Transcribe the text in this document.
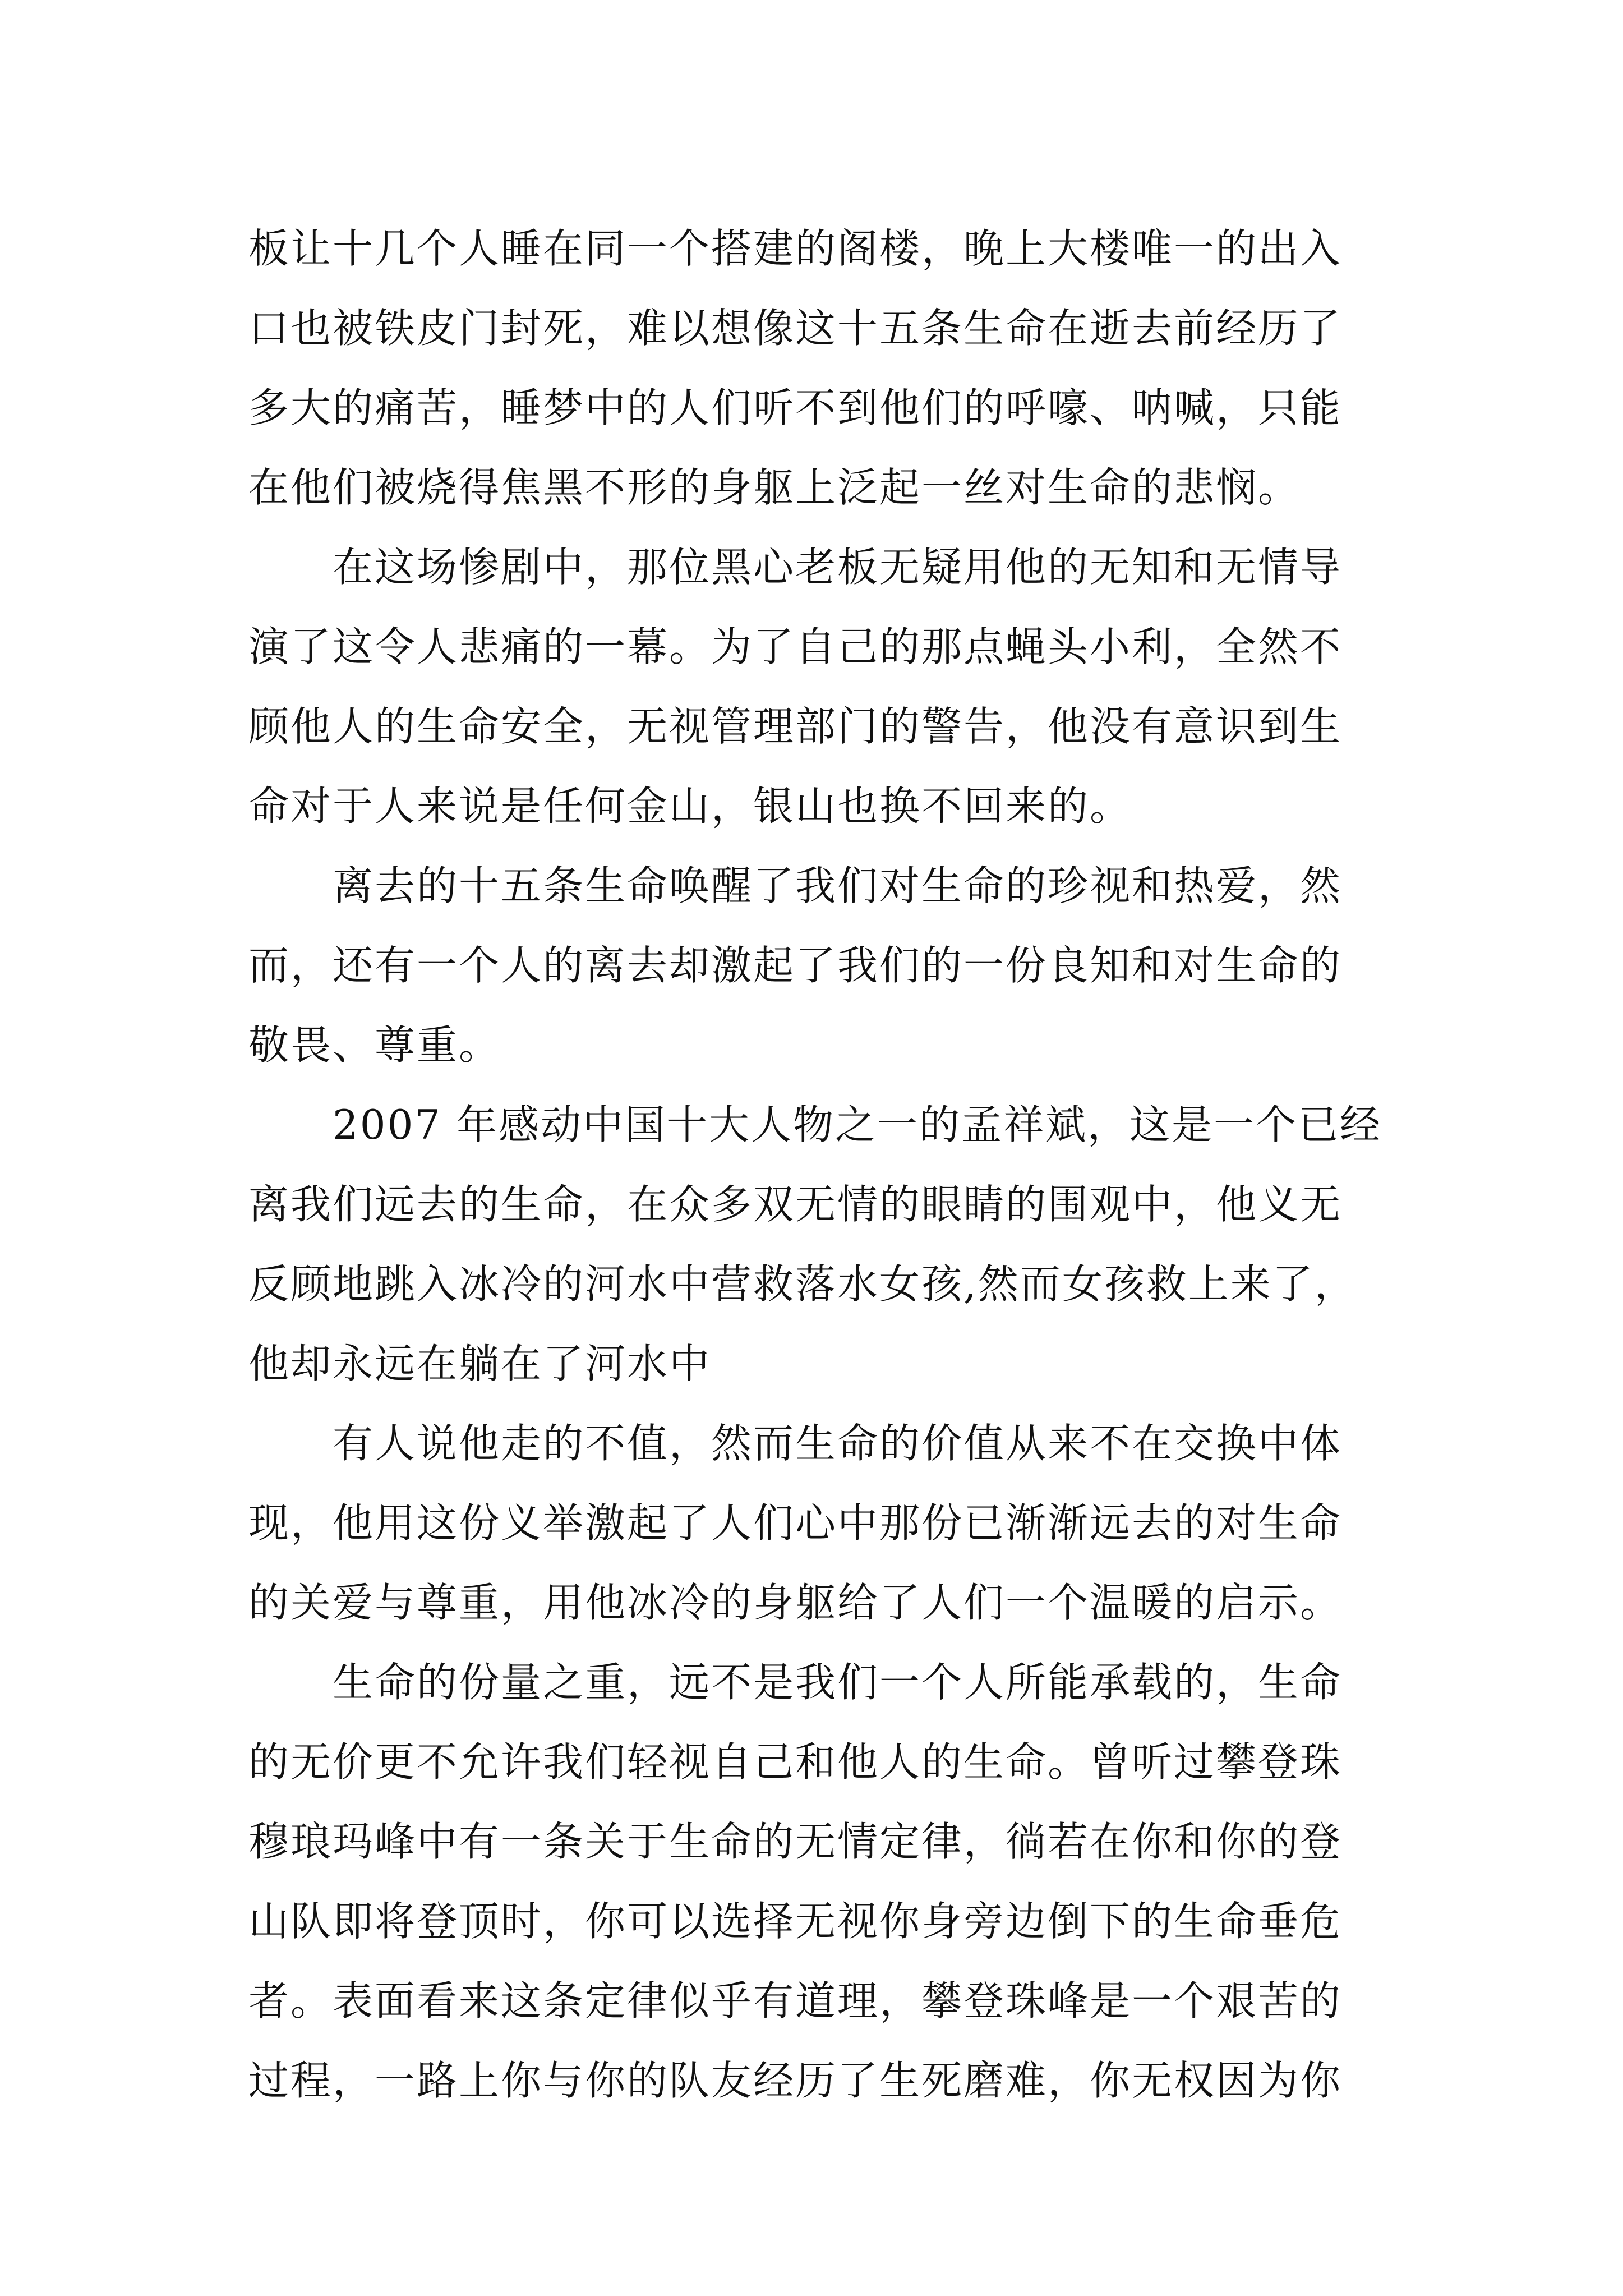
板让十几个人睡在同一个搭建的阁楼，晚上大楼唯一的出入
口也被铁皮门封死，难以想像这十五条生命在逝去前经历了
多大的痛苦，睡梦中的人们听不到他们的呼嚎、呐喊，只能
在他们被烧得焦黑不形的身躯上泛起一丝对生命的悲悯。
在这场惨剧中，那位黑心老板无疑用他的无知和无情导
演了这令人悲痛的一幕。为了自己的那点蝇头小利，全然不
顾他人的生命安全，无视管理部门的警告，他没有意识到生
命对于人来说是任何金山，银山也换不回来的。
离去的十五条生命唤醒了我们对生命的珍视和热爱，然
而，还有一个人的离去却激起了我们的一份良知和对生命的
敬畏、尊重。
2007 年感动中国十大人物之一的孟祥斌，这是一个已经
离我们远去的生命，在众多双无情的眼睛的围观中，他义无
反顾地跳入冰冷的河水中营救落水女孩,然而女孩救上来了，
他却永远在躺在了河水中
有人说他走的不值，然而生命的价值从来不在交换中体
现，他用这份义举激起了人们心中那份已渐渐远去的对生命
的关爱与尊重，用他冰冷的身躯给了人们一个温暖的启示。
生命的份量之重，远不是我们一个人所能承载的，生命
的无价更不允许我们轻视自己和他人的生命。曾听过攀登珠
穆琅玛峰中有一条关于生命的无情定律，徜若在你和你的登
山队即将登顶时，你可以选择无视你身旁边倒下的生命垂危
者。表面看来这条定律似乎有道理，攀登珠峰是一个艰苦的
过程，一路上你与你的队友经历了生死磨难，你无权因为你
